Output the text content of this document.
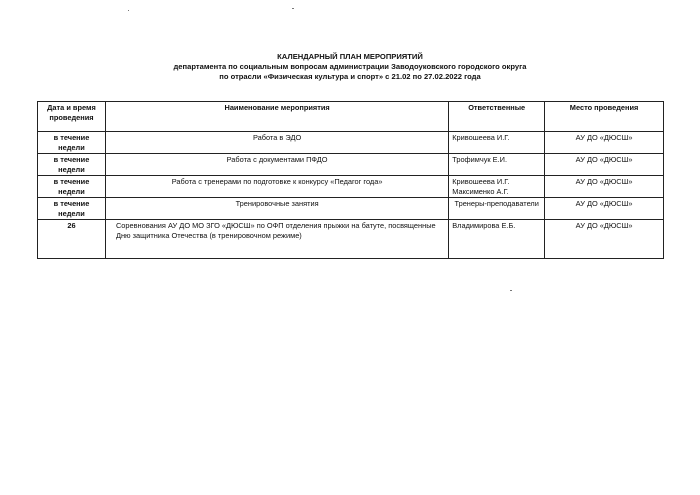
КАЛЕНДАРНЫЙ ПЛАН МЕРОПРИЯТИЙ
департамента по социальным вопросам администрации Заводоуковского городского округа
по отрасли «Физическая культура и спорт» с 21.02 по 27.02.2022 года
Дата и время проведения	Наименование мероприятия	Ответственные	Место проведения
в течение недели	Работа в ЭДО	Кривошеева И.Г.	АУ ДО «ДЮСШ»
в течение недели	Работа с документами ПФДО	Трофимчук Е.И.	АУ ДО «ДЮСШ»
в течение недели	Работа с тренерами по подготовке к конкурсу «Педагог года»	Кривошеева И.Г. Максименко А.Г.	АУ ДО «ДЮСШ»
в течение недели	Тренировочные занятия	Тренеры-преподаватели	АУ ДО «ДЮСШ»
26	Соревнования АУ ДО МО ЗГО «ДЮСШ» по ОФП отделения прыжки на батуте, посвященные Дню защитника Отечества (в тренировочном режиме)	Владимирова Е.Б.	АУ ДО «ДЮСШ»
